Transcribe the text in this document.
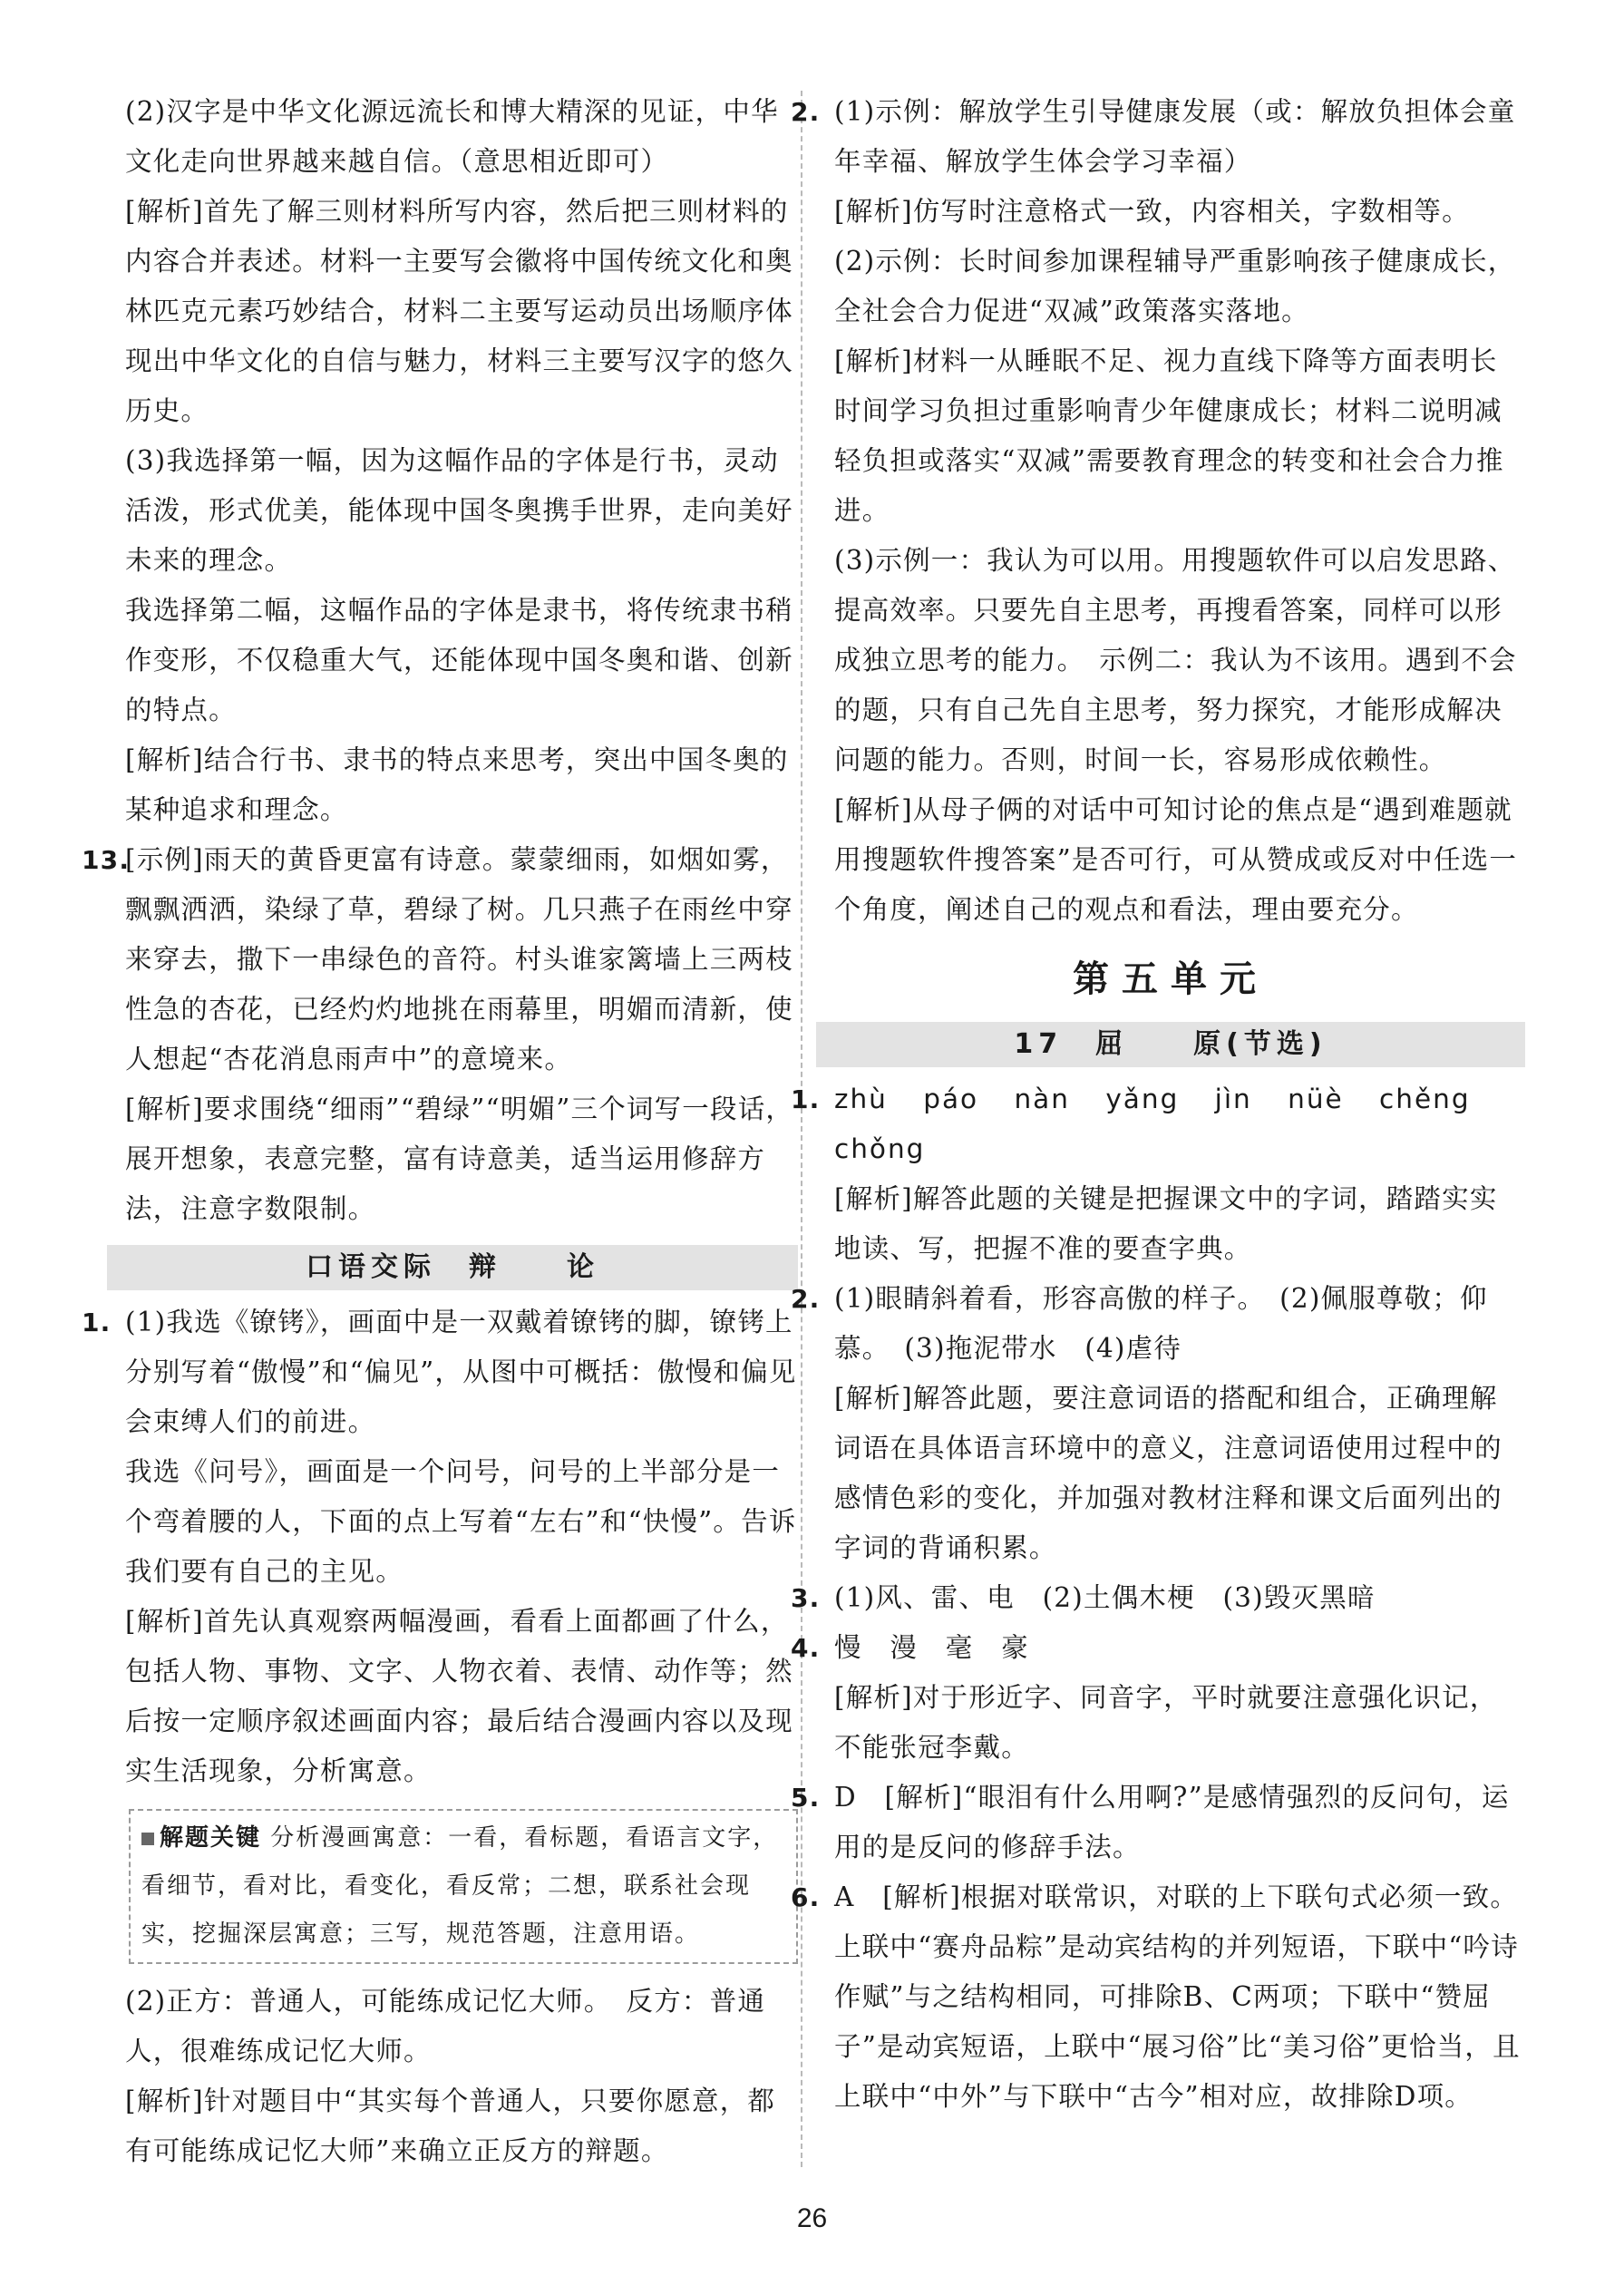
(2)汉字是中华文化源远流长和博大精深的见证，中华文化走向世界越来越自信。（意思相近即可）

[解析]首先了解三则材料所写内容，然后把三则材料的内容合并表述。材料一主要写会徽将中国传统文化和奥林匹克元素巧妙结合，材料二主要写运动员出场顺序体现出中华文化的自信与魅力，材料三主要写汉字的悠久历史。

(3)我选择第一幅，因为这幅作品的字体是行书，灵动活泼，形式优美，能体现中国冬奥携手世界，走向美好未来的理念。

我选择第二幅，这幅作品的字体是隶书，将传统隶书稍作变形，不仅稳重大气，还能体现中国冬奥和谐、创新的特点。

[解析]结合行书、隶书的特点来思考，突出中国冬奥的某种追求和理念。

13.

[示例]雨天的黄昏更富有诗意。蒙蒙细雨，如烟如雾，飘飘洒洒，染绿了草，碧绿了树。几只燕子在雨丝中穿来穿去，撒下一串绿色的音符。村头谁家篱墙上三两枝性急的杏花，已经灼灼地挑在雨幕里，明媚而清新，使人想起“杏花消息雨声中”的意境来。

[解析]要求围绕“细雨”“碧绿”“明媚”三个词写一段话，展开想象，表意完整，富有诗意美，适当运用修辞方法，注意字数限制。

口语交际　辩　　论
1. (1)我选《镣铐》，画面中是一双戴着镣铐的脚，镣铐上分别写着“傲慢”和“偏见”，从图中可概括：傲慢和偏见会束缚人们的前进。

我选《问号》，画面是一个问号，问号的上半部分是一个弯着腰的人，下面的点上写着“左右”和“快慢”。告诉我们要有自己的主见。

[解析]首先认真观察两幅漫画，看看上面都画了什么，包括人物、事物、文字、人物衣着、表情、动作等；然后按一定顺序叙述画面内容；最后结合漫画内容以及现实生活现象，分析寓意。

解题关键 分析漫画寓意：一看，看标题，看语言文字，看细节，看对比，看变化，看反常；二想，联系社会现实，挖掘深层寓意；三写，规范答题，注意用语。

(2)正方：普通人，可能练成记忆大师。　反方：普通人，很难练成记忆大师。

[解析]针对题目中“其实每个普通人，只要你愿意，都有可能练成记忆大师”来确立正反方的辩题。

2. (1)示例：解放学生引导健康发展（或：解放负担体会童年幸福、解放学生体会学习幸福）

[解析]仿写时注意格式一致，内容相关，字数相等。

(2)示例：长时间参加课程辅导严重影响孩子健康成长，全社会合力促进“双减”政策落实落地。

[解析]材料一从睡眠不足、视力直线下降等方面表明长时间学习负担过重影响青少年健康成长；材料二说明减轻负担或落实“双减”需要教育理念的转变和社会合力推进。

(3)示例一：我认为可以用。用搜题软件可以启发思路、提高效率。只要先自主思考，再搜看答案，同样可以形成独立思考的能力。　示例二：我认为不该用。遇到不会的题，只有自己先自主思考，努力探究，才能形成解决问题的能力。否则，时间一长，容易形成依赖性。

[解析]从母子俩的对话中可知讨论的焦点是“遇到难题就用搜题软件搜答案”是否可行，可从赞成或反对中任选一个角度，阐述自己的观点和看法，理由要充分。

第五单元
17　屈　　原(节选)
1. zhù páo nàn yǎng jìn nüè chěng chǒng

[解析]解答此题的关键是把握课文中的字词，踏踏实实地读、写，把握不准的要查字典。

2. (1)眼睛斜着看，形容高傲的样子。　(2)佩服尊敬；仰慕。　(3)拖泥带水　(4)虐待

[解析]解答此题，要注意词语的搭配和组合，正确理解词语在具体语言环境中的意义，注意词语使用过程中的感情色彩的变化，并加强对教材注释和课文后面列出的字词的背诵积累。

3. (1)风、雷、电　(2)土偶木梗　(3)毁灭黑暗

4. 慢　漫　毫　豪

[解析]对于形近字、同音字，平时就要注意强化识记，不能张冠李戴。

5. D　[解析]“眼泪有什么用啊?”是感情强烈的反问句，运用的是反问的修辞手法。

6. A　[解析]根据对联常识，对联的上下联句式必须一致。上联中“赛舟品粽”是动宾结构的并列短语，下联中“吟诗作赋”与之结构相同，可排除B、C两项；下联中“赞屈子”是动宾短语，上联中“展习俗”比“美习俗”更恰当，且上联中“中外”与下联中“古今”相对应，故排除D项。

26
